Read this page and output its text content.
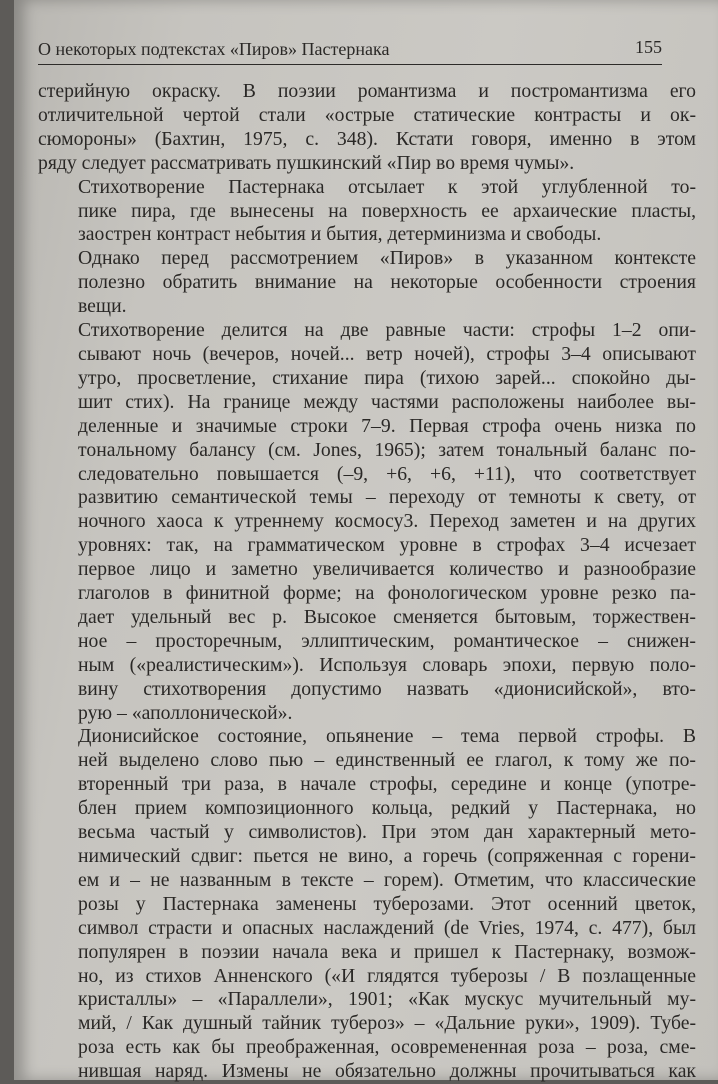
О некоторых подтекстах «Пиров» Пастернака	155

стерийную окраску. В поэзии романтизма и постромантизма его
отличительной чертой стали «острые статические контрасты и ок-
сюмороны» (Бахтин, 1975, с. 348). Кстати говоря, именно в этом
ряду следует рассматривать пушкинский «Пир во время чумы».

Стихотворение Пастернака отсылает к этой углубленной то-
пике пира, где вынесены на поверхность ее архаические пласты,
заострен контраст небытия и бытия, детерминизма и свободы.

Однако перед рассмотрением «Пиров» в указанном контексте
полезно обратить внимание на некоторые особенности строения
вещи.

Стихотворение делится на две равные части: строфы 1–2 опи-
сывают ночь (вечеров, ночей... ветр ночей), строфы 3–4 описывают
утро, просветление, стихание пира (тихою зарей... спокойно ды-
шит стих). На границе между частями расположены наиболее вы-
деленные и значимые строки 7–9. Первая строфа очень низка по
тональному балансу (см. Jones, 1965); затем тональный баланс по-
следовательно повышается (–9, +6, +6, +11), что соответствует
развитию семантической темы – переходу от темноты к свету, от
ночного хаоса к утреннему космосу3. Переход заметен и на других
уровнях: так, на грамматическом уровне в строфах 3–4 исчезает
первое лицо и заметно увеличивается количество и разнообразие
глаголов в финитной форме; на фонологическом уровне резко па-
дает удельный вес р. Высокое сменяется бытовым, торжествен-
ное – просторечным, эллиптическим, романтическое – снижен-
ным («реалистическим»). Используя словарь эпохи, первую поло-
вину стихотворения допустимо назвать «дионисийской», вто-
рую – «аполлонической».

Дионисийское состояние, опьянение – тема первой строфы. В
ней выделено слово пью – единственный ее глагол, к тому же по-
вторенный три раза, в начале строфы, середине и конце (употре-
блен прием композиционного кольца, редкий у Пастернака, но
весьма частый у символистов). При этом дан характерный мето-
нимический сдвиг: пьется не вино, а горечь (сопряженная с горени-
ем и – не названным в тексте – горем). Отметим, что классические
розы у Пастернака заменены туберозами. Этот осенний цветок,
символ страсти и опасных наслаждений (de Vries, 1974, c. 477), был
популярен в поэзии начала века и пришел к Пастернаку, возмож-
но, из стихов Анненского («И глядятся туберозы / В позлащенные
кристаллы» – «Параллели», 1901; «Как мускус мучительный му-
мий, / Как душный тайник тубероз» – «Дальние руки», 1909). Тубе-
роза есть как бы преображенная, осовремененная роза – роза, сме-
нившая наряд. Измены не обязательно должны прочитываться как
